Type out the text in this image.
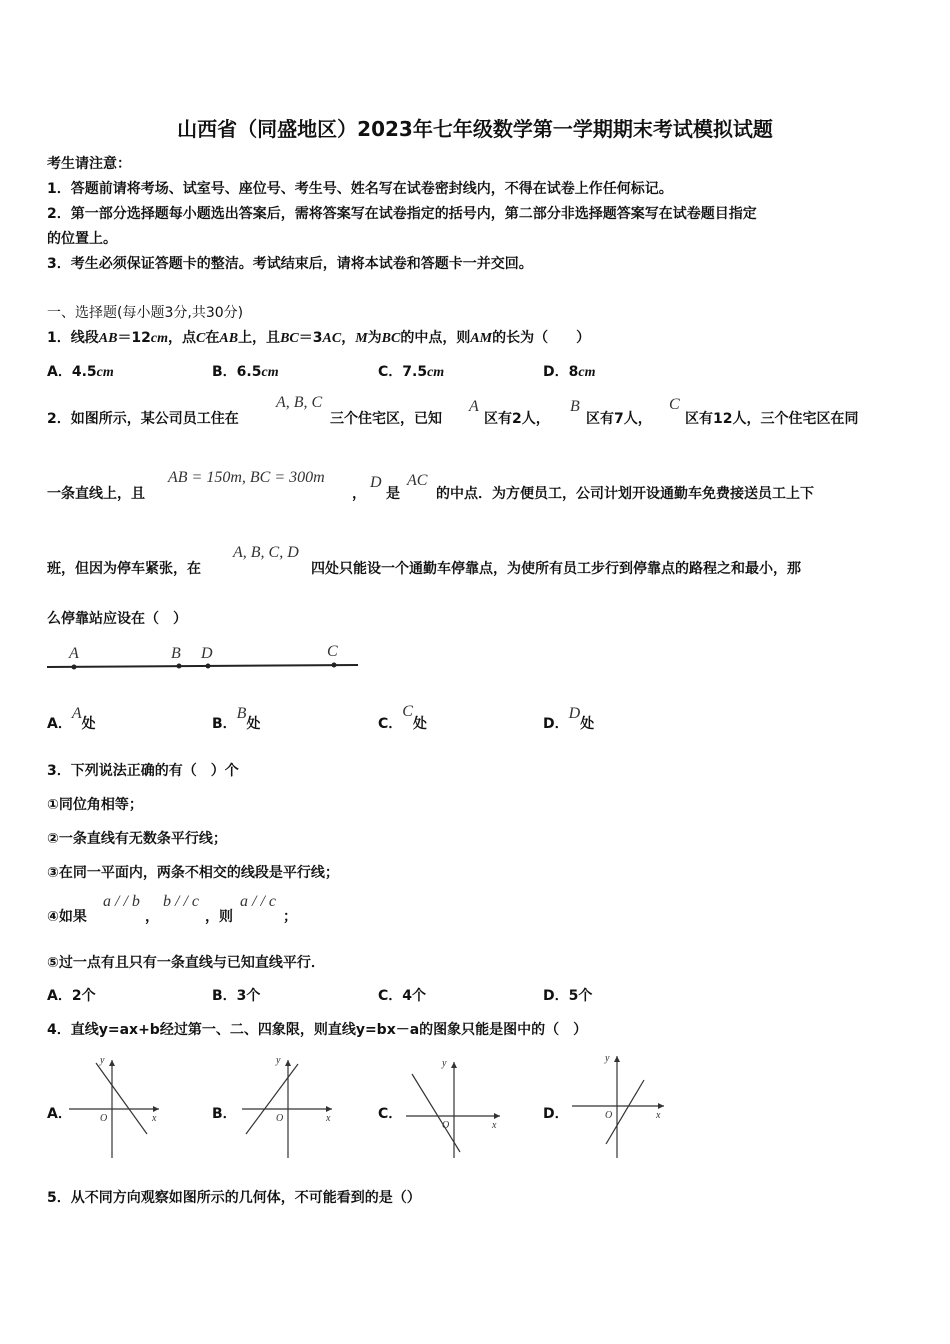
山西省（同盛地区）2023年七年级数学第一学期期末考试模拟试题
考生请注意：
1．答题前请将考场、试室号、座位号、考生号、姓名写在试卷密封线内，不得在试卷上作任何标记。
2．第一部分选择题每小题选出答案后，需将答案写在试卷指定的括号内，第二部分非选择题答案写在试卷题目指定
的位置上。
3．考生必须保证答题卡的整洁。考试结束后，请将本试卷和答题卡一并交回。
一、选择题(每小题3分,共30分)
1．线段AB＝12cm，点C在AB上，且BC＝3AC，M为BC的中点，则AM的长为（　　）
A．4.5cm	B．6.5cm	C．7.5cm	D．8cm
2．如图所示，某公司员工住在
A, B, C
三个住宅区，已知
A
区有2人，
B
区有7人，
C
区有12人，三个住宅区在同
一条直线上，且
AB = 150m, BC = 300m
，
D
是
AC
的中点．为方便员工，公司计划开设通勤车免费接送员工上下
班，但因为停车紧张，在
A, B, C, D
四处只能设一个通勤车停靠点，为使所有员工步行到停靠点的路程之和最小，那
么停靠站应设在（　）
A	B D	C
A．A处	B．B处	C．C处	D．D处
3．下列说法正确的有（　）个
①同位角相等；
②一条直线有无数条平行线；
③在同一平面内，两条不相交的线段是平行线；
④如果
a / / b
，
b / / c
，则
a / / c
；
⑤过一点有且只有一条直线与已知直线平行．
A．2个	B．3个	C．4个	D．5个
4．直线y=ax+b经过第一、二、四象限，则直线y=bx－a的图象只能是图中的（　）
A．
y
x
O	B．
y
x
O	C．
y
x
O
D．
y
x
O
5．从不同方向观察如图所示的几何体，不可能看到的是（）
